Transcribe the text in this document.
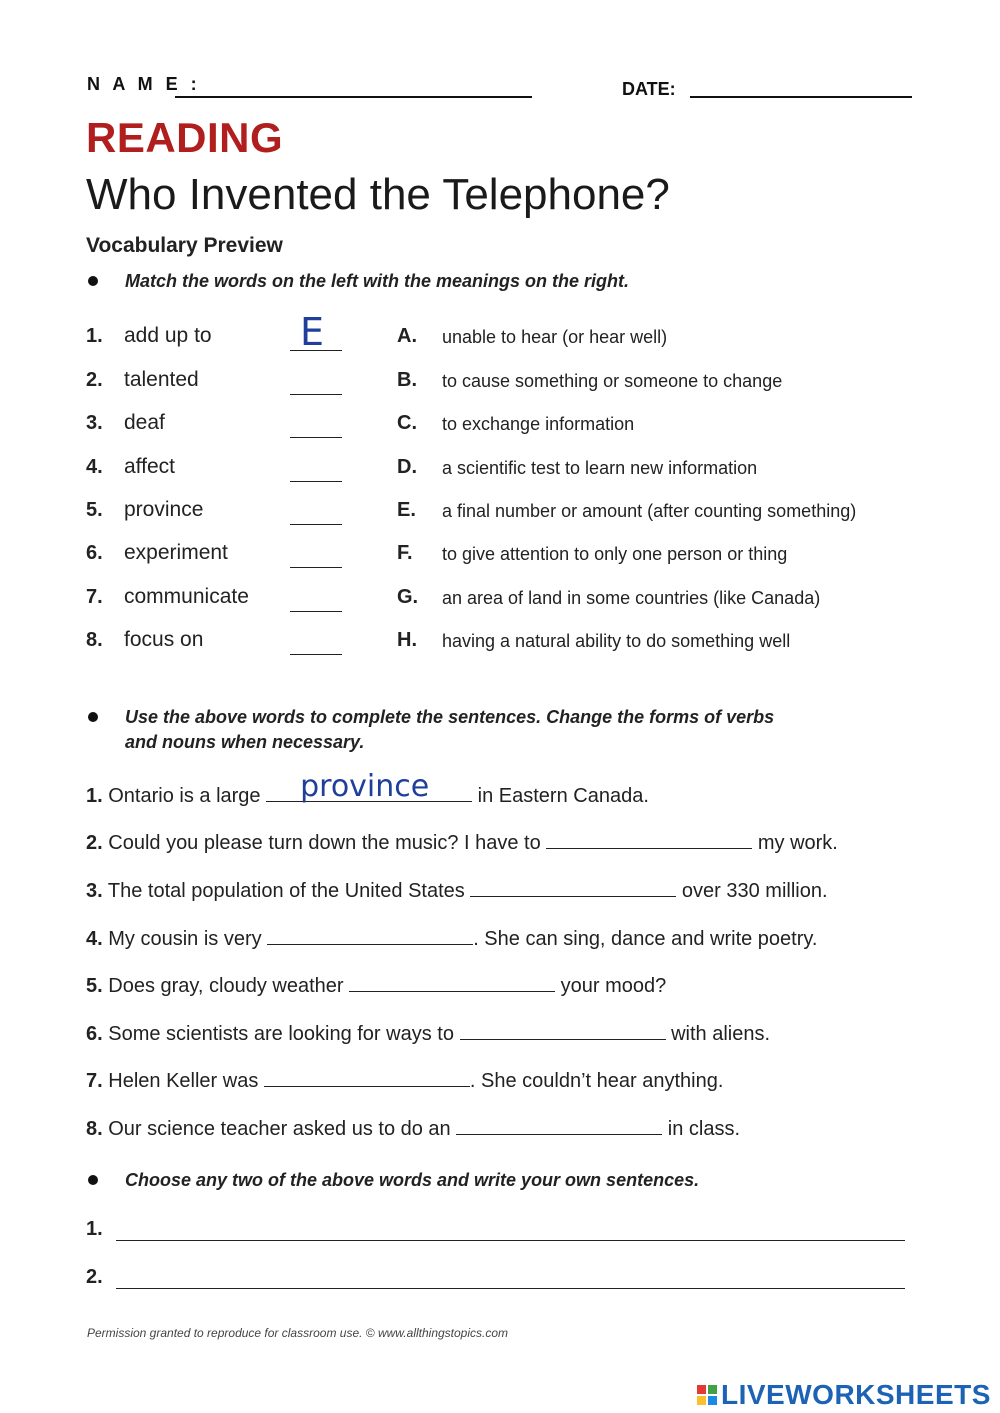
N A M E :	DATE:
READING
Who Invented the Telephone?
Vocabulary Preview
Match the words on the left with the meanings on the right.
1. add up to E	A. unable to hear (or hear well)
2. talented	B. to cause something or someone to change
3. deaf	C. to exchange information
4. affect	D. a scientific test to learn new information
5. province	E. a final number or amount (after counting something)
6. experiment	F. to give attention to only one person or thing
7. communicate	G. an area of land in some countries (like Canada)
8. focus on	H. having a natural ability to do something well
Use the above words to complete the sentences. Change the forms of verbs
and nouns when necessary.
1. Ontario is a large province in Eastern Canada.
2. Could you please turn down the music? I have to	my work.
3. The total population of the United States	over 330 million.
4. My cousin is very	. She can sing, dance and write poetry.
5. Does gray, cloudy weather	your mood?
6. Some scientists are looking for ways to	with aliens.
7. Helen Keller was	. She couldn’t hear anything.
8. Our science teacher asked us to do an	in class.
Choose any two of the above words and write your own sentences.
1.
2.
Permission granted to reproduce for classroom use. © www.allthingstopics.com
LIVEWORKSHEETS
